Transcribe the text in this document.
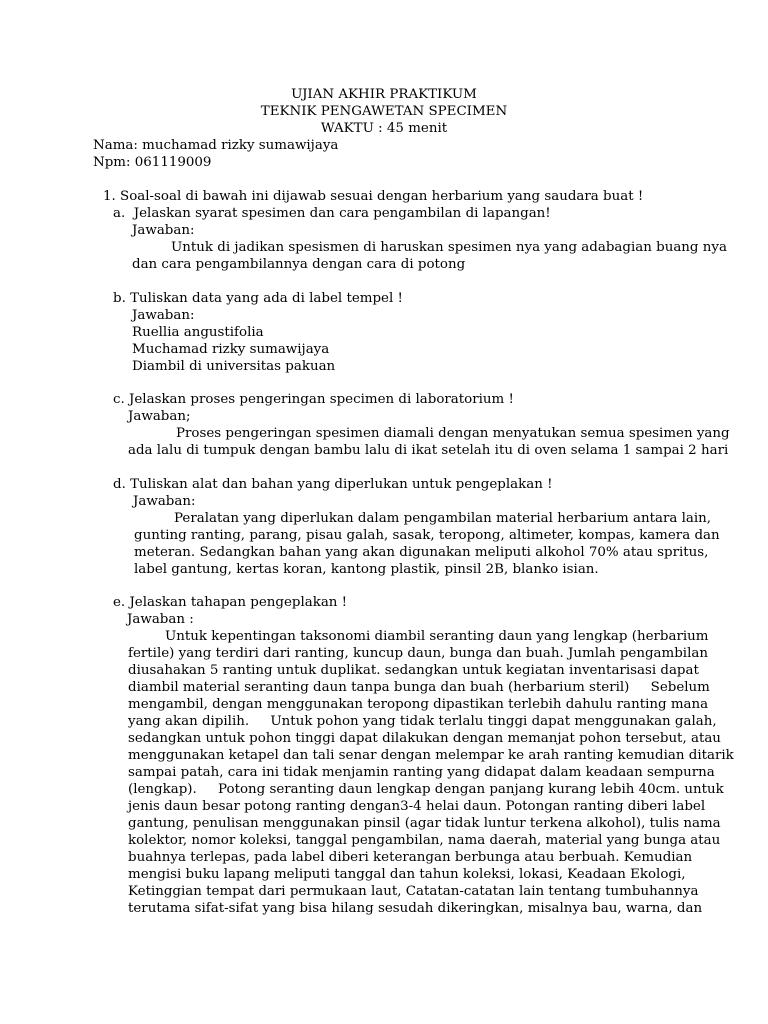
UJIAN AKHIR PRAKTIKUM
TEKNIK PENGAWETAN SPECIMEN
WAKTU : 45 menit
Nama: muchamad rizky sumawijaya
Npm: 061119009
1. Soal-soal di bawah ini dijawab sesuai dengan herbarium yang saudara buat !
a.  Jelaskan syarat spesimen dan cara pengambilan di lapangan!
Jawaban:
Untuk di jadikan spesismen di haruskan spesimen nya yang adabagian buang nya
dan cara pengambilannya dengan cara di potong
b. Tuliskan data yang ada di label tempel !
Jawaban:
Ruellia angustifolia
Muchamad rizky sumawijaya
Diambil di universitas pakuan
c. Jelaskan proses pengeringan specimen di laboratorium !
Jawaban;
Proses pengeringan spesimen diamali dengan menyatukan semua spesimen yang
ada lalu di tumpuk dengan bambu lalu di ikat setelah itu di oven selama 1 sampai 2 hari
d. Tuliskan alat dan bahan yang diperlukan untuk pengeplakan !
Jawaban:
Peralatan yang diperlukan dalam pengambilan material herbarium antara lain,
gunting ranting, parang, pisau galah, sasak, teropong, altimeter, kompas, kamera dan
meteran. Sedangkan bahan yang akan digunakan meliputi alkohol 70% atau spritus,
label gantung, kertas koran, kantong plastik, pinsil 2B, blanko isian.
e. Jelaskan tahapan pengeplakan !
Jawaban :
Untuk kepentingan taksonomi diambil seranting daun yang lengkap (herbarium
fertile) yang terdiri dari ranting, kuncup daun, bunga dan buah. Jumlah pengambilan
diusahakan 5 ranting untuk duplikat. sedangkan untuk kegiatan inventarisasi dapat
diambil material seranting daun tanpa bunga dan buah (herbarium steril)     Sebelum
mengambil, dengan menggunakan teropong dipastikan terlebih dahulu ranting mana
yang akan dipilih.     Untuk pohon yang tidak terlalu tinggi dapat menggunakan galah,
sedangkan untuk pohon tinggi dapat dilakukan dengan memanjat pohon tersebut, atau
menggunakan ketapel dan tali senar dengan melempar ke arah ranting kemudian ditarik
sampai patah, cara ini tidak menjamin ranting yang didapat dalam keadaan sempurna
(lengkap).     Potong seranting daun lengkap dengan panjang kurang lebih 40cm. untuk
jenis daun besar potong ranting dengan3-4 helai daun. Potongan ranting diberi label
gantung, penulisan menggunakan pinsil (agar tidak luntur terkena alkohol), tulis nama
kolektor, nomor koleksi, tanggal pengambilan, nama daerah, material yang bunga atau
buahnya terlepas, pada label diberi keterangan berbunga atau berbuah. Kemudian
mengisi buku lapang meliputi tanggal dan tahun koleksi, lokasi, Keadaan Ekologi,
Ketinggian tempat dari permukaan laut, Catatan-catatan lain tentang tumbuhannya
terutama sifat-sifat yang bisa hilang sesudah dikeringkan, misalnya bau, warna, dan
